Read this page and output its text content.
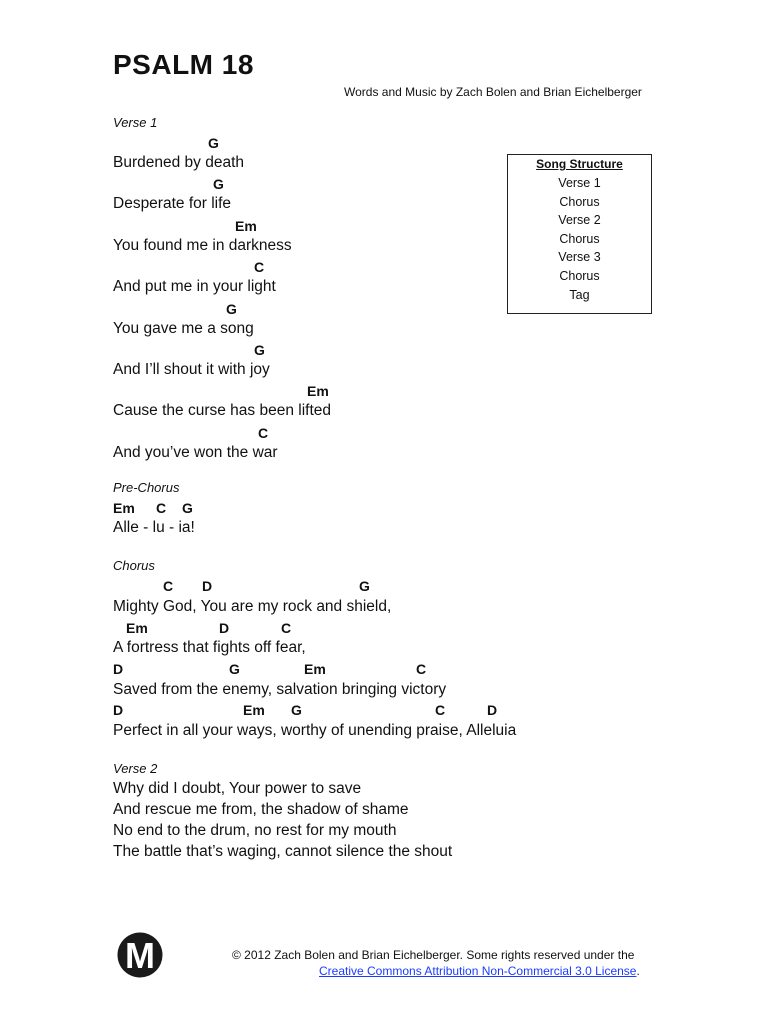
PSALM 18
Words and Music by Zach Bolen and Brian Eichelberger
Song Structure
Verse 1
Chorus
Verse 2
Chorus
Verse 3
Chorus
Tag
Verse 1
G
Burdened by death
G
Desperate for life
Em
You found me in darkness
C
And put me in your light
G
You gave me a song
G
And I’ll shout it with joy
Em
Cause the curse has been lifted
C
And you’ve won the war
Pre-Chorus
Em C G
Alle - lu - ia!
Chorus
C D	G
Mighty God, You are my rock and shield,
Em	D	C
A fortress that fights off fear,
D	G	Em	C
Saved from the enemy, salvation bringing victory
D	Em G	C	D
Perfect in all your ways, worthy of unending praise, Alleluia
Verse 2
Why did I doubt, Your power to save
And rescue me from, the shadow of shame
No end to the drum, no rest for my mouth
The battle that’s waging, cannot silence the shout
M	© 2012 Zach Bolen and Brian Eichelberger. Some rights reserved under the
Creative Commons Attribution Non-Commercial 3.0 License.
